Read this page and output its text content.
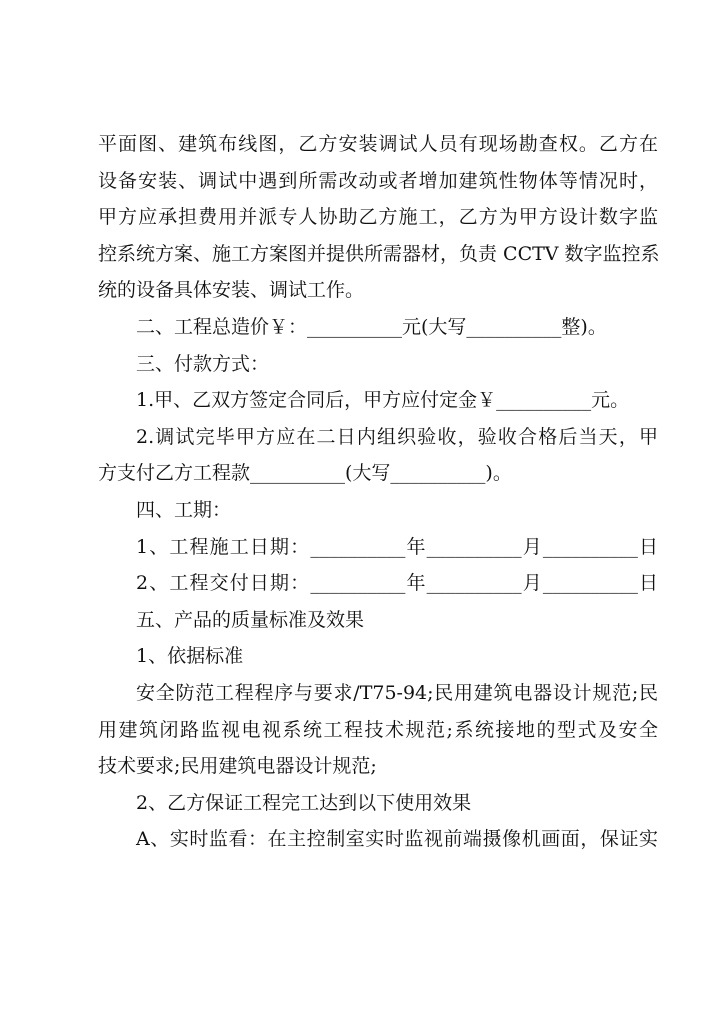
平面图、建筑布线图，乙方安装调试人员有现场勘查权。乙方在
设备安装、调试中遇到所需改动或者增加建筑性物体等情况时，
甲方应承担费用并派专人协助乙方施工，乙方为甲方设计数字监
控系统方案、施工方案图并提供所需器材，负责 CCTV 数字监控系
统的设备具体安装、调试工作。
二、工程总造价￥：__________元(大写__________整)。
三、付款方式：
1.甲、乙双方签定合同后，甲方应付定金￥__________元。
2.调试完毕甲方应在二日内组织验收，验收合格后当天，甲
方支付乙方工程款__________(大写__________)。
四、工期：
1、工程施工日期：__________年__________月__________日
2、工程交付日期：__________年__________月__________日
五、产品的质量标准及效果
1、依据标准
安全防范工程程序与要求/T75-94;民用建筑电器设计规范;民
用建筑闭路监视电视系统工程技术规范;系统接地的型式及安全
技术要求;民用建筑电器设计规范;
2、乙方保证工程完工达到以下使用效果
A、实时监看：在主控制室实时监视前端摄像机画面，保证实
